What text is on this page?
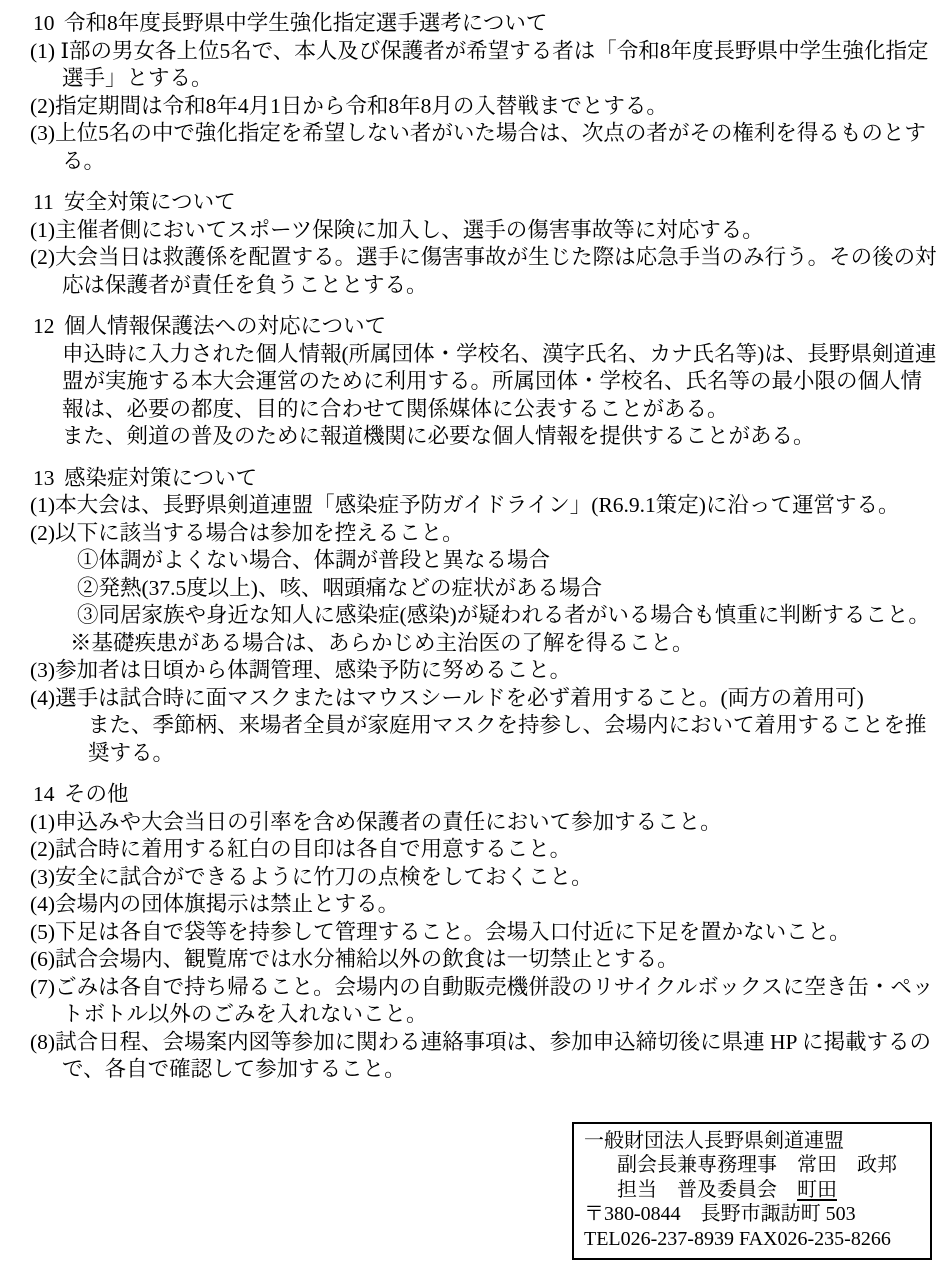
10 令和8年度長野県中学生強化指定選手選考について
(1) Ⅰ部の男女各上位5名で、本人及び保護者が希望する者は「令和8年度長野県中学生強化指定選手」とする。
(2)指定期間は令和8年4月1日から令和8年8月の入替戦までとする。
(3)上位5名の中で強化指定を希望しない者がいた場合は、次点の者がその権利を得るものとする。
11 安全対策について
(1)主催者側においてスポーツ保険に加入し、選手の傷害事故等に対応する。
(2)大会当日は救護係を配置する。選手に傷害事故が生じた際は応急手当のみ行う。その後の対応は保護者が責任を負うこととする。
12 個人情報保護法への対応について
申込時に入力された個人情報(所属団体・学校名、漢字氏名、カナ氏名等)は、長野県剣道連盟が実施する本大会運営のために利用する。所属団体・学校名、氏名等の最小限の個人情報は、必要の都度、目的に合わせて関係媒体に公表することがある。
また、剣道の普及のために報道機関に必要な個人情報を提供することがある。
13 感染症対策について
(1)本大会は、長野県剣道連盟「感染症予防ガイドライン」(R6.9.1策定)に沿って運営する。
(2)以下に該当する場合は参加を控えること。
①体調がよくない場合、体調が普段と異なる場合
②発熱(37.5度以上)、咳、咽頭痛などの症状がある場合
③同居家族や身近な知人に感染症(感染)が疑われる者がいる場合も慎重に判断すること。
※基礎疾患がある場合は、あらかじめ主治医の了解を得ること。
(3)参加者は日頃から体調管理、感染予防に努めること。
(4)選手は試合時に面マスクまたはマウスシールドを必ず着用すること。(両方の着用可)
また、季節柄、来場者全員が家庭用マスクを持参し、会場内において着用することを推奨する。
14 その他
(1)申込みや大会当日の引率を含め保護者の責任において参加すること。
(2)試合時に着用する紅白の目印は各自で用意すること。
(3)安全に試合ができるように竹刀の点検をしておくこと。
(4)会場内の団体旗掲示は禁止とする。
(5)下足は各自で袋等を持参して管理すること。会場入口付近に下足を置かないこと。
(6)試合会場内、観覧席では水分補給以外の飲食は一切禁止とする。
(7)ごみは各自で持ち帰ること。会場内の自動販売機併設のリサイクルボックスに空き缶・ペットボトル以外のごみを入れないこと。
(8)試合日程、会場案内図等参加に関わる連絡事項は、参加申込締切後に県連 HP に掲載するので、各自で確認して参加すること。
一般財団法人長野県剣道連盟
副会長兼専務理事　常田　政邦
担当　普及委員会　町田
〒380-0844　長野市諏訪町 503
TEL026-237-8939 FAX026-235-8266
